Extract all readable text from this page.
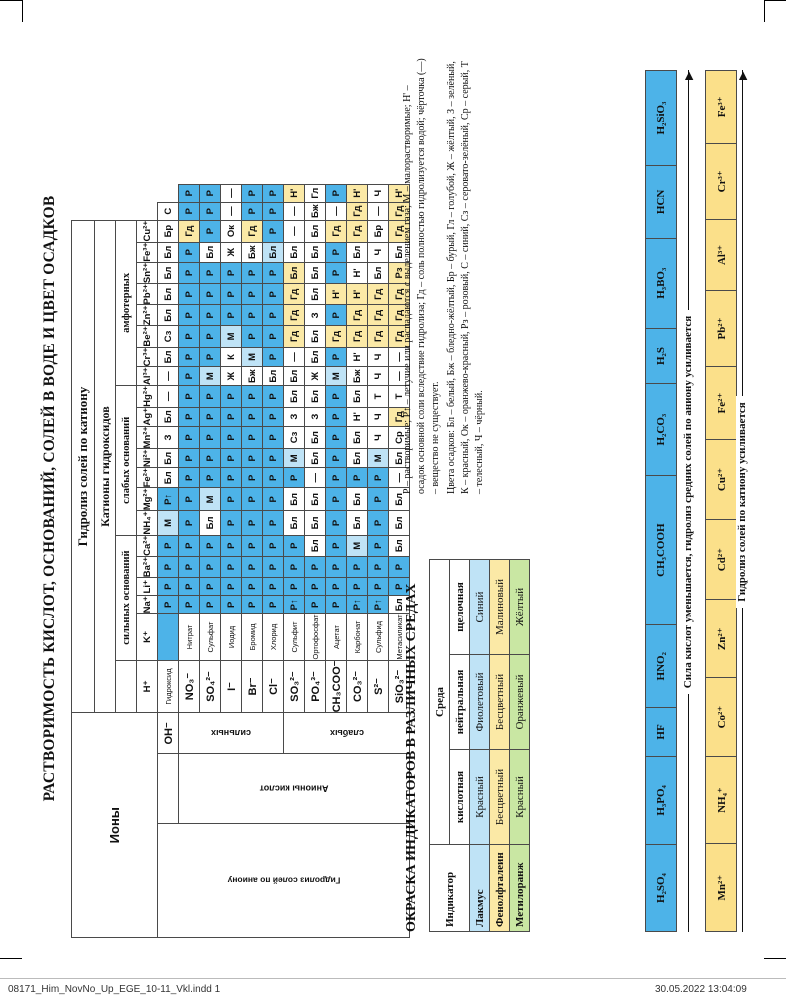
РАСТВОРИМОСТЬ КИСЛОТ, ОСНОВАНИЙ, СОЛЕЙ В ВОДЕ И ЦВЕТ ОСАДКОВ
Ионы			Гидролиз солей по катиону																						
			Катионы гидроксидов																						
				сильных оснований					слабых оснований							амфотерных									
			H⁺	K⁺	Na⁺	Li⁺	Ba²⁺	Ca²⁺	NH₄⁺	Mg²⁺	Fe²⁺	Ni²⁺	Mn²⁺	Ag⁺	Hg²⁺	Al³⁺	Cr³⁺	Be²⁺	Zn²⁺	Pb²⁺	Sn²⁺	Fe³⁺	Cu²⁺		
Гидролиз солей по аниону		OH⁻	Гидроксид		Р	Р	Р	Р	М	Р↑	Бл	Бл	З	Бл	—	—	Бл	Сз	Бл	Бл	Бл	Бл	Бр	С	
	Анионы кислот	сильных	NO₃⁻	Нитрат	Р	Р	Р	Р	Р	Р	Р	Р	Р	Р	Р	Р	Р	Р	Р	Р	Р	Р	Гд	Р	Р
			SO₄²⁻	Сульфат	Р	Р	Р	Р	Бл	М	Р	Р	Р	Р	Р	М	Р	Р	Р	Р	Р	Бл	Р	Р	Р
			I⁻	Иодид	Р	Р	Р	Р	Р	Р	Р	Р	Р	Р	Р	Ж	К	М	Р	Р	Р	Ж	Ок	—	—
			Br⁻	Бромид	Р	Р	Р	Р	Р	Р	Р	Р	Р	Р	Р	Бж	М	Р	Р	Р	Р	Бж	Гд	Р	Р
			Cl⁻	Хлорид	Р	Р	Р	Р	Р	Р	Р	Р	Р	Р	Р	Бл	Р	Р	Р	Р	Р	Бл	Р	Р	Р
		слабых	SO₃²⁻	Сульфит	Р↑	Р	Р	Р	Бл	Бл	Р	М	Сз	З	Бл	Бл	—	Гд	Гд	Гд	Бл	Бл	—	—	Н'
			PO₄³⁻	Ортофосфат	Р	Р	Р	Бл	Бл	Бл	—	Бл	Бл	З	Бл	Ж	Бл	Бл	З	Бл	Бл	Бл	Бл	Бж	Гл
			CH₃COO⁻	Ацетат	Р	Р	Р	Р	Р	Р	Р	Р	Р	Р	Р	М	Р	Гд	Р	Н'	Р	Р	Гд	—	Р
			CO₃²⁻	Карбонат	Р↑	Р	Р	М	Бл	Бл	Р	Бл	Бл	Н'	Бл	Бж	Н'	Гд	Гд	Н'	Н'	Бл	Гд	Гд	Н'
			S²⁻	Сульфид	Р↑	Р	Р	Р	Р	Р	Р	М	Ч	Ч	Т	Ч	Ч	Гд	Гд	Гд	Бл	Ч	Бр	—	Ч
			SiO₃²⁻	Метасиликат	Бл	Р	Р	Бл	Бл	Бл	—	Бл	Ср	Гд	Т	—	—	Гд	Гд	Гд	Рз	Бл	Гд	Гд	Н'
ОКРАСКА ИНДИКАТОРОВ В РАЗЛИЧНЫХ СРЕДАХ Индикатор	Среда		
	кислотная	нейтральная	щелочная
Лакмус	Красный	Фиолетовый	Синий
Фенолфталеин	Бесцветный	Бесцветный	Малиновый
Метилоранж	Красный	Оранжевый	Жёлтый

Р – растворимые; Р↑ – летучие или распадаются с выделением газа; М – малорастворимые; Н' – осадок основной соли вследствие гидролиза; Гд – соль полностью гидролизуется водой; чёрточка (—) – вещество не существует. Цвета осадков: Бл – белый, Бж – бледно-жёлтый, Бр – бурый, Гл – голубой, Ж – жёлтый, З – зелёный, К – красный, Ок – оранжево-красный, Рз – розовый, С – синий, Сз – серовато-зелёный, Ср – серый, Т – телесный, Ч – чёрный.

H₂SO₄	H₃PO₄	HF	HNO₂	CH₃COOH	H₂CO₃	H₂S	H₃BO₃	HCN	H₂SiO₃
Сила кислот уменьшается, гидролиз средних солей по аниону усиливается
▶
Mn²⁺	NH₄⁺	Co²⁺	Zn²⁺	Cd²⁺	Cu²⁺	Fe²⁺	Pb²⁺	Al³⁺	Cr³⁺	Fe³⁺
Гидролиз солей по катиону усиливается
▶
08171_Him_NovNo_Up_EGE_10-11_Vkl.indd 1	30.05.2022 13:04:09
